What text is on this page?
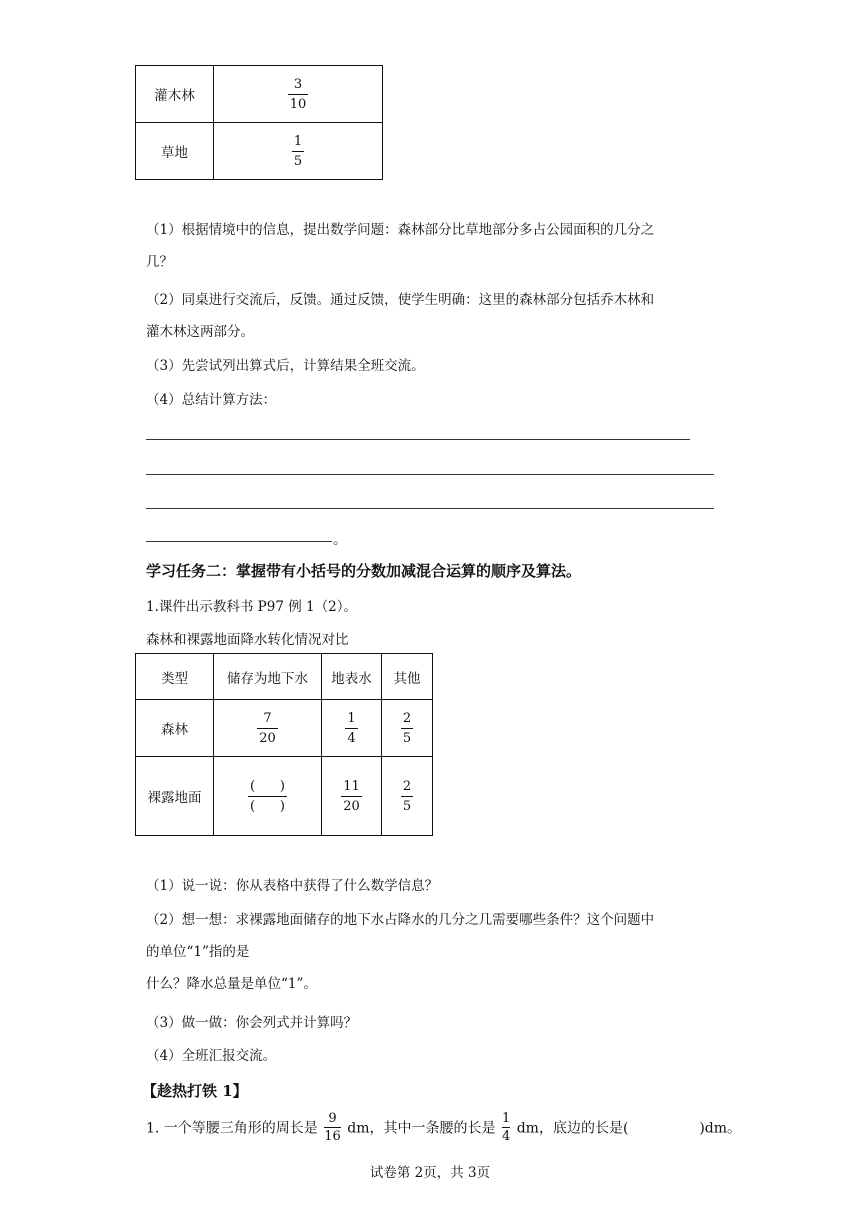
灌木林	$\frac{3}{10}$

草地	$\frac{1}{5}$
（1）根据情境中的信息，提出数学问题：森林部分比草地部分多占公园面积的几分之
几？
（2）同桌进行交流后，反馈。通过反馈，使学生明确：这里的森林部分包括乔木林和
灌木林这两部分。
（3）先尝试列出算式后，计算结果全班交流。
（4）总结计算方法：
。
学习任务二：掌握带有小括号的分数加减混合运算的顺序及算法。
1.课件出示教科书 P97 例 1（2）。
森林和裸露地面降水转化情况对比
类型	储存为地下水	地表水	其他
森林	$\frac{7}{20}$	$\frac{1}{4}$	$\frac{2}{5}$

裸露地面	$\frac{( )}{( )}$	$\frac{11}{20}$	$\frac{2}{5}$
（1）说一说：你从表格中获得了什么数学信息？
（2）想一想：求裸露地面储存的地下水占降水的几分之几需要哪些条件？这个问题中
的单位“1”指的是
什么？降水总量是单位“1”。
（3）做一做：你会列式并计算吗？
（4）全班汇报交流。
【趁热打铁 1】
1. 一个等腰三角形的周长是 $\frac{9}{16}$ dm，其中一条腰的长是 $\frac{1}{4}$ dm，底边的长是(	)dm。
试卷第 2页，共 3页
